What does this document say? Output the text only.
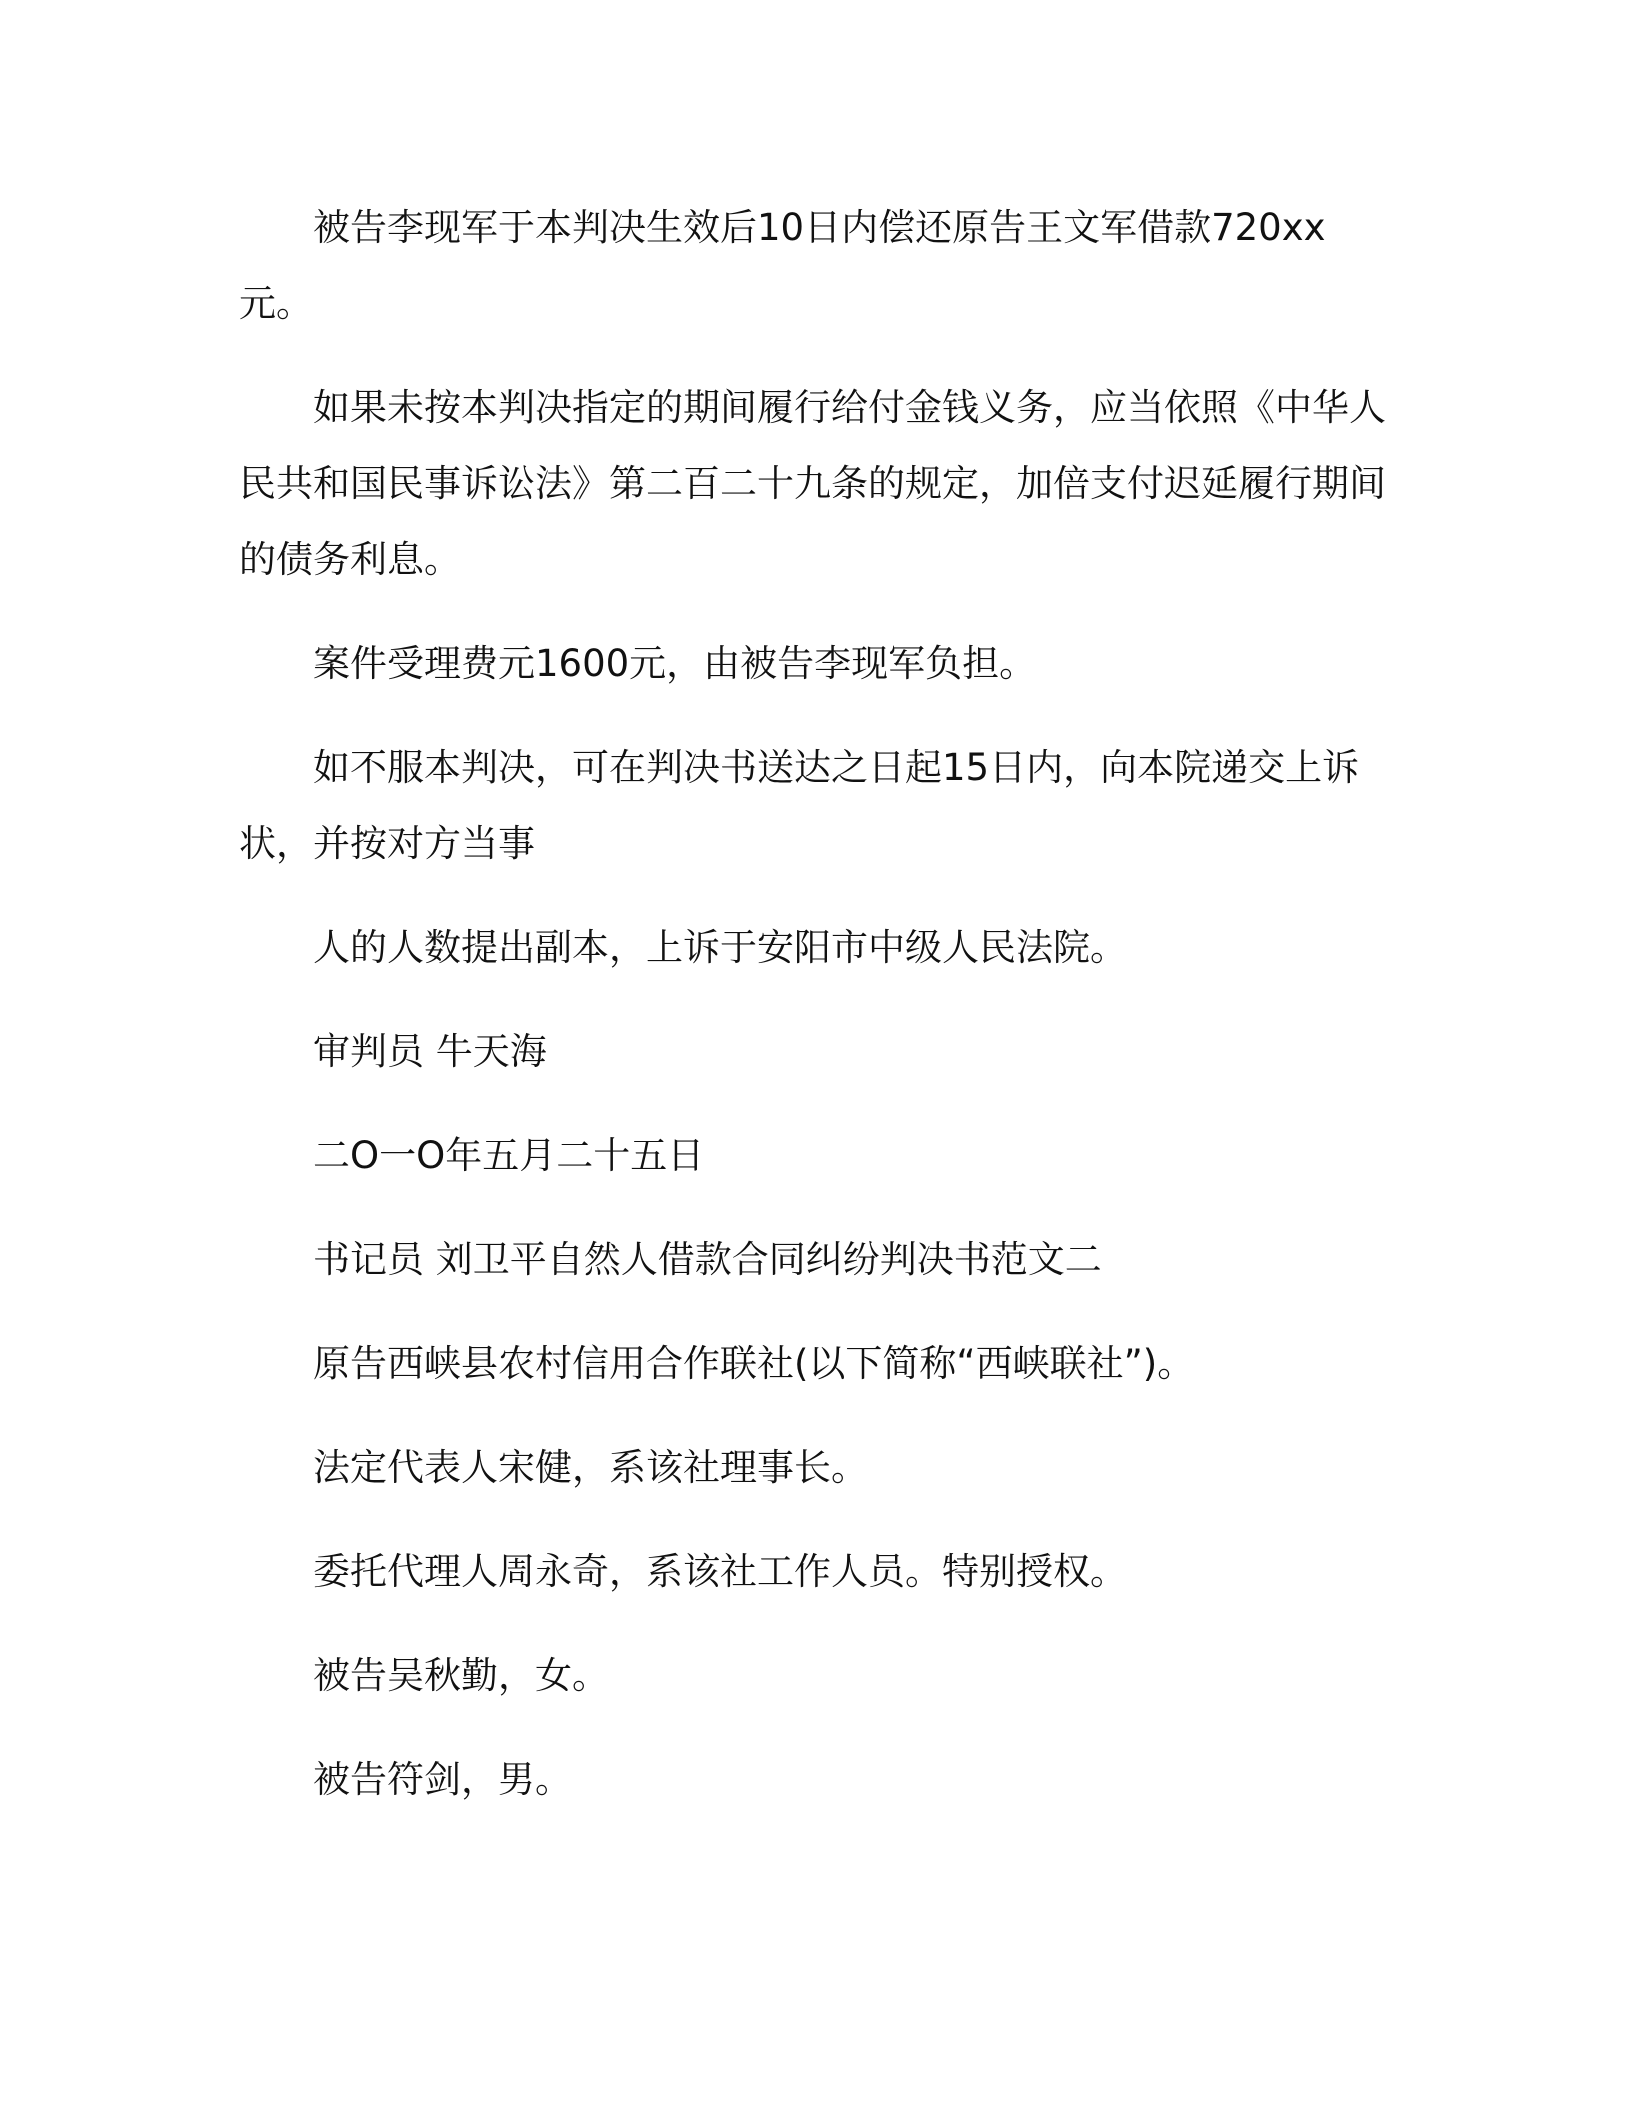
被告李现军于本判决生效后10日内偿还原告王文军借款720xx元。

如果未按本判决指定的期间履行给付金钱义务，应当依照《中华人民共和国民事诉讼法》第二百二十九条的规定，加倍支付迟延履行期间的债务利息。

案件受理费元1600元，由被告李现军负担。

如不服本判决，可在判决书送达之日起15日内，向本院递交上诉状，并按对方当事

人的人数提出副本，上诉于安阳市中级人民法院。

审判员 牛天海

二O一O年五月二十五日

书记员 刘卫平自然人借款合同纠纷判决书范文二

原告西峡县农村信用合作联社(以下简称“西峡联社”)。

法定代表人宋健，系该社理事长。

委托代理人周永奇，系该社工作人员。特别授权。

被告吴秋勤，女。

被告符剑，男。
